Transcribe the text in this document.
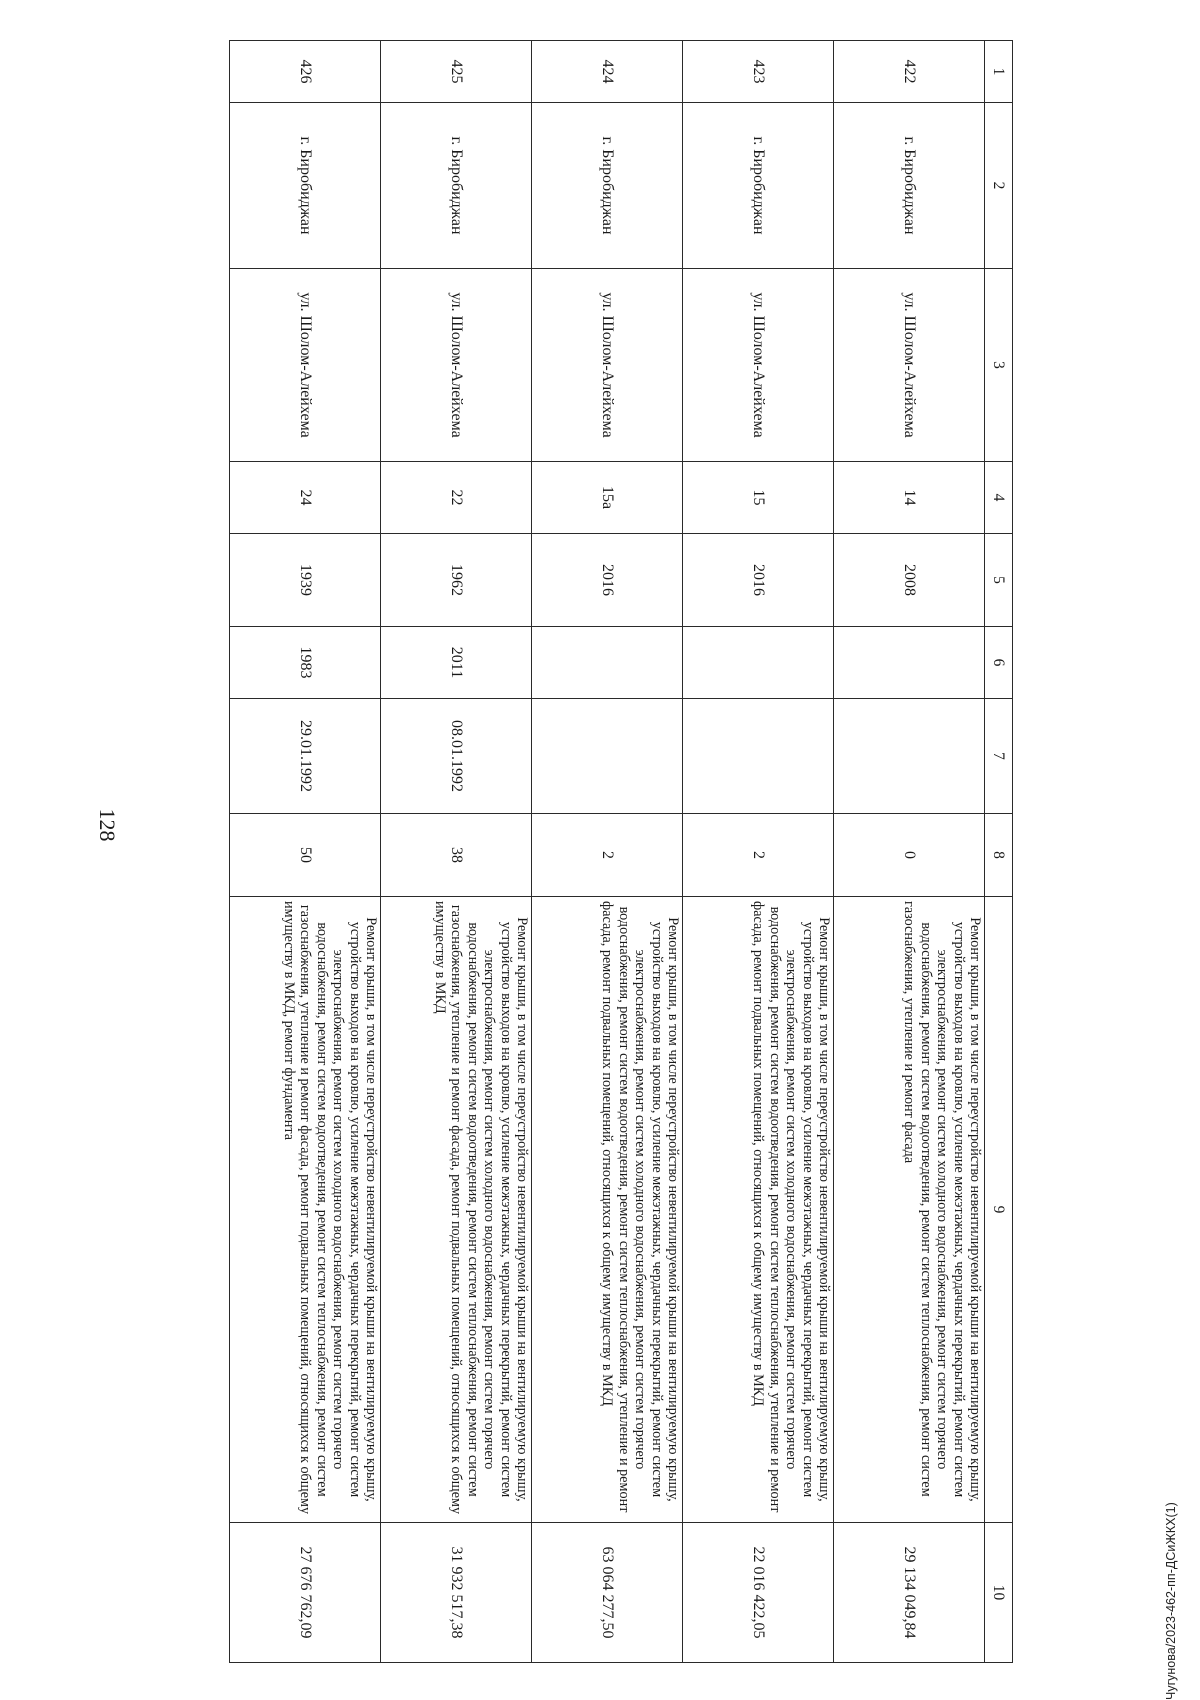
128
Чугунова/2023-462-пп-ДСиЖКХ(1)
1	2	3	4	5	6	7	8	9	10
422	г. Биробиджан	ул. Шолом-Алейхема	14	2008			0	Ремонт крыши, в том числе переустройство невентилируемой крыши на вентилируемую крышу, устройство выходов на кровлю, усиление межэтажных, чердачных перекрытий, ремонт систем электроснабжения, ремонт систем холодного водоснабжения, ремонт систем горячего водоснабжения, ремонт систем водоотведения, ремонт систем теплоснабжения, ремонт систем газоснабжения, утепление и ремонт фасада	29 134 049,84
423	г. Биробиджан	ул. Шолом-Алейхема	15	2016			2	Ремонт крыши, в том числе переустройство невентилируемой крыши на вентилируемую крышу, устройство выходов на кровлю, усиление межэтажных, чердачных перекрытий, ремонт систем электроснабжения, ремонт систем холодного водоснабжения, ремонт систем горячего водоснабжения, ремонт систем водоотведения, ремонт систем теплоснабжения, утепление и ремонт фасада, ремонт подвальных помещений, относящихся к общему имуществу в МКД	22 016 422,05
424	г. Биробиджан	ул. Шолом-Алейхема	15а	2016			2	Ремонт крыши, в том числе переустройство невентилируемой крыши на вентилируемую крышу, устройство выходов на кровлю, усиление межэтажных, чердачных перекрытий, ремонт систем электроснабжения, ремонт систем холодного водоснабжения, ремонт систем горячего водоснабжения, ремонт систем водоотведения, ремонт систем теплоснабжения, утепление и ремонт фасада, ремонт подвальных помещений, относящихся к общему имуществу в МКД	63 064 277,50
425	г. Биробиджан	ул. Шолом-Алейхема	22	1962	2011	08.01.1992	38	Ремонт крыши, в том числе переустройство невентилируемой крыши на вентилируемую крышу, устройство выходов на кровлю, усиление межэтажных, чердачных перекрытий, ремонт систем электроснабжения, ремонт систем холодного водоснабжения, ремонт систем горячего водоснабжения, ремонт систем водоотведения, ремонт систем теплоснабжения, ремонт систем газоснабжения, утепление и ремонт фасада, ремонт подвальных помещений, относящихся к общему имуществу в МКД	31 932 517,38
426	г. Биробиджан	ул. Шолом-Алейхема	24	1939	1983	29.01.1992	50	Ремонт крыши, в том числе переустройство невентилируемой крыши на вентилируемую крышу, устройство выходов на кровлю, усиление межэтажных, чердачных перекрытий, ремонт систем электроснабжения, ремонт систем холодного водоснабжения, ремонт систем горячего водоснабжения, ремонт систем водоотведения, ремонт систем теплоснабжения, ремонт систем газоснабжения, утепление и ремонт фасада, ремонт подвальных помещений, относящихся к общему имуществу в МКД, ремонт фундамента	27 676 762,09
